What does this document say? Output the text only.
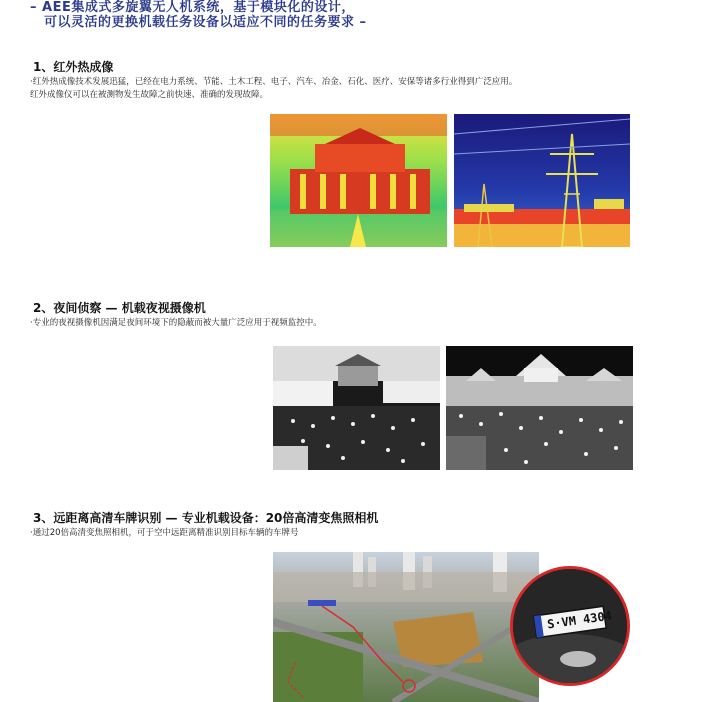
– AEE集成式多旋翼无人机系统，基于模块化的设计，
可以灵活的更换机载任务设备以适应不同的任务要求 –
1、红外热成像
·红外热成像技术发展迅猛，已经在电力系统、节能、土木工程、电子、汽车、冶金、石化、医疗、安保等诸多行业得到广泛应用。
红外成像仪可以在被测物发生故障之前快速、准确的发现故障。
2、夜间侦察 — 机载夜视摄像机
·专业的夜视摄像机因满足夜间环境下的隐蔽而被大量广泛应用于视频监控中。
3、远距离高清车牌识别 — 专业机载设备：20倍高清变焦照相机
·通过20倍高清变焦照相机，可于空中远距离精准识别目标车辆的车牌号
S·VM 4304
